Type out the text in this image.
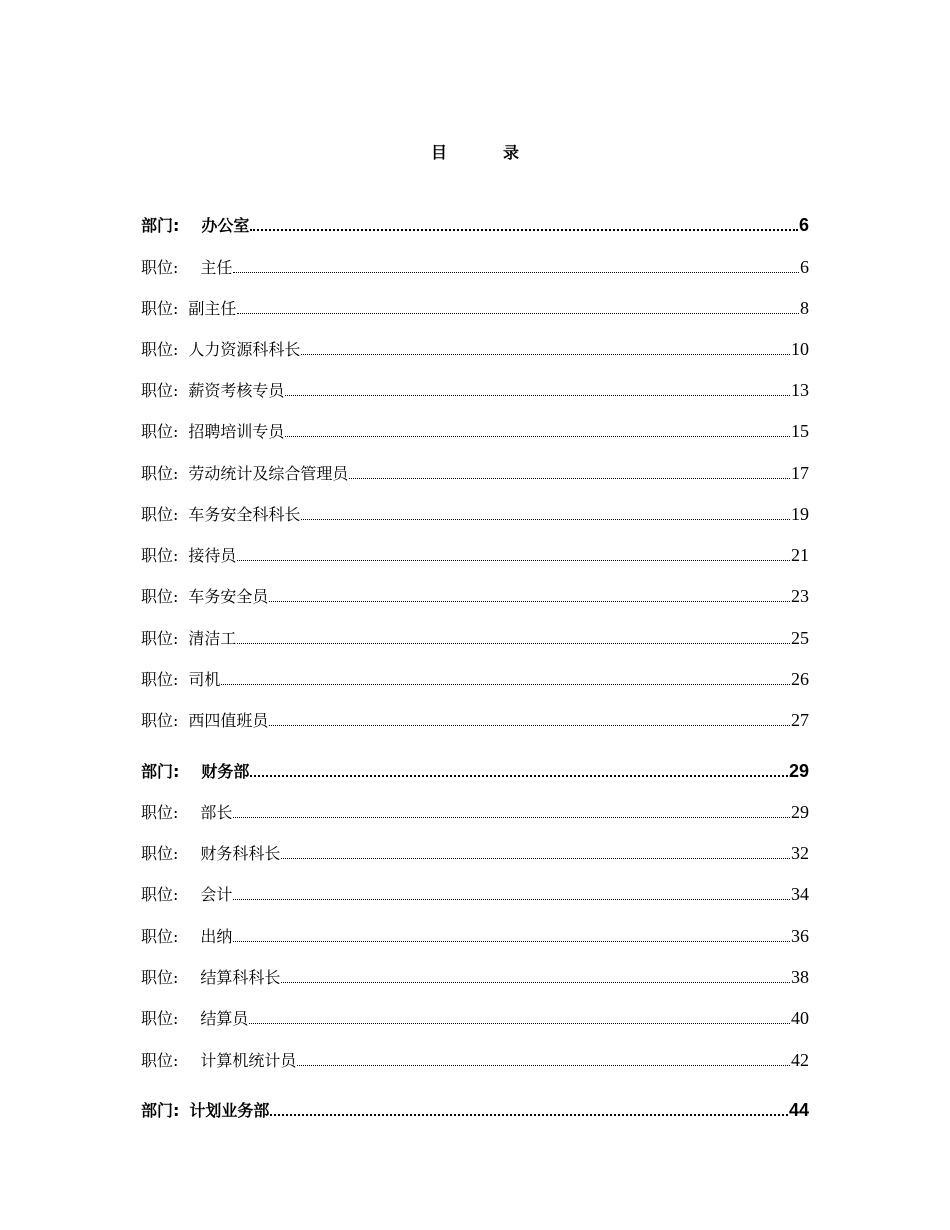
目	录
部门: 办公室	6
职位: 主任	6
职位: 副主任	8
职位: 人力资源科科长	10
职位: 薪资考核专员	13
职位: 招聘培训专员	15
职位: 劳动统计及综合管理员	17
职位: 车务安全科科长	19
职位: 接待员	21
职位: 车务安全员	23
职位: 清洁工	25
职位: 司机	26
职位: 西四值班员	27
部门: 财务部	29
职位: 部长	29
职位: 财务科科长	32
职位: 会计	34
职位: 出纳	36
职位: 结算科科长	38
职位: 结算员	40
职位: 计算机统计员	42
部门: 计划业务部	44
